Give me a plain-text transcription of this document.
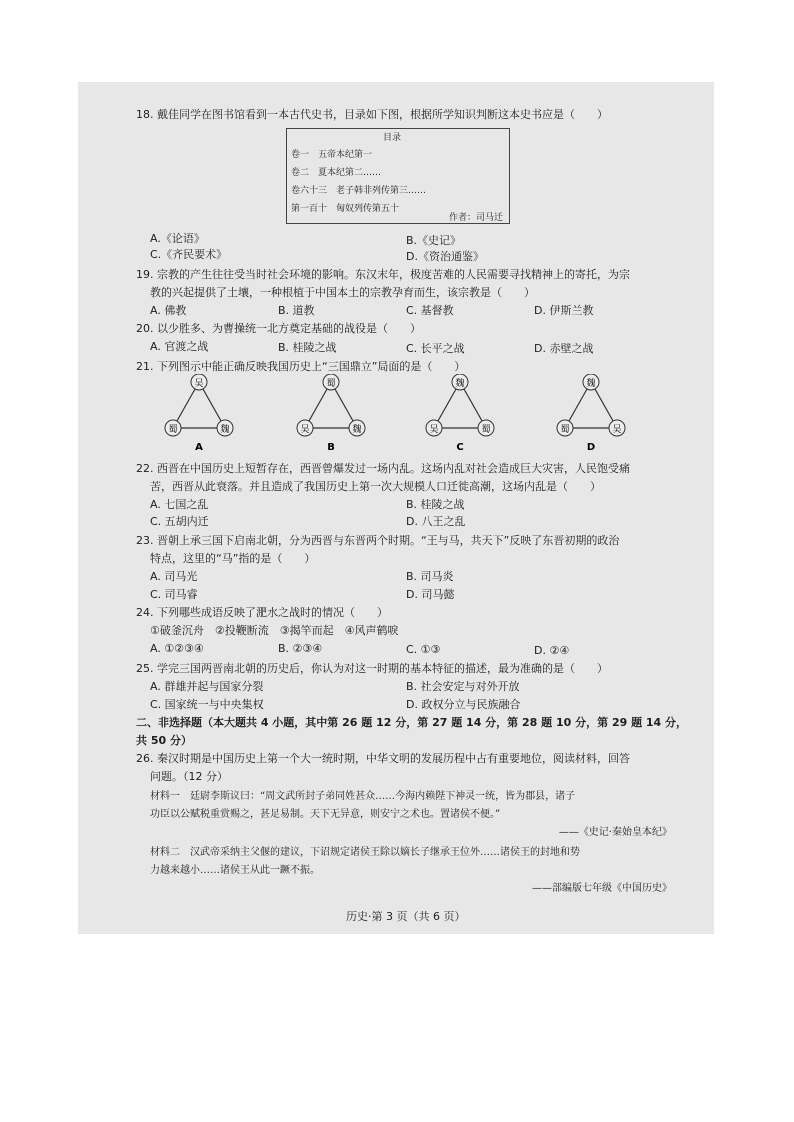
18. 戴佳同学在图书馆看到一本古代史书，目录如下图，根据所学知识判断这本史书应是（　　）
目录
卷一　五帝本纪第一
卷二　夏本纪第二……
卷六十三　老子韩非列传第三……
第一百十　匈奴列传第五十
作者：司马迁
A.《论语》	B.《史记》
C.《齐民要术》	D.《资治通鉴》
19. 宗教的产生往往受当时社会环境的影响。东汉末年，极度苦难的人民需要寻找精神上的寄托，为宗
教的兴起提供了土壤，一种根植于中国本土的宗教孕育而生，该宗教是（　　）
A. 佛教	B. 道教	C. 基督教	D. 伊斯兰教
20. 以少胜多、为曹操统一北方奠定基础的战役是（　　）
A. 官渡之战	B. 桂陵之战	C. 长平之战	D. 赤壁之战
21. 下列图示中能正确反映我国历史上“三国鼎立”局面的是（　　）
吴
蜀	魏
A
蜀
吴	魏
B
魏
吴	蜀
C
魏
蜀	吴
D
22. 西晋在中国历史上短暂存在，西晋曾爆发过一场内乱。这场内乱对社会造成巨大灾害，人民饱受痛
苦，西晋从此衰落。并且造成了我国历史上第一次大规模人口迁徙高潮，这场内乱是（　　）
A. 七国之乱	B. 桂陵之战
C. 五胡内迁	D. 八王之乱
23. 晋朝上承三国下启南北朝，分为西晋与东晋两个时期。“王与马，共天下”反映了东晋初期的政治
特点，这里的“马”指的是（　　）
A. 司马光	B. 司马炎
C. 司马睿	D. 司马懿
24. 下列哪些成语反映了淝水之战时的情况（　　）
①破釜沉舟　②投鞭断流　③揭竿而起　④风声鹤唳
A. ①②③④	B. ②③④	C. ①③	D. ②④
25. 学完三国两晋南北朝的历史后，你认为对这一时期的基本特征的描述，最为准确的是（　　）
A. 群雄并起与国家分裂	B. 社会安定与对外开放
C. 国家统一与中央集权	D. 政权分立与民族融合
二、非选择题（本大题共 4 小题，其中第 26 题 12 分，第 27 题 14 分，第 28 题 10 分，第 29 题 14 分，
共 50 分）
26. 秦汉时期是中国历史上第一个大一统时期，中华文明的发展历程中占有重要地位，阅读材料，回答
问题。（12 分）
材料一　廷尉李斯议曰：“周文武所封子弟同姓甚众……今海内赖陛下神灵一统，皆为郡县，诸子
功臣以公赋税重赏赐之，甚足易制。天下无异意，则安宁之术也。置诸侯不便。”
——《史记·秦始皇本纪》
材料二　汉武帝采纳主父偃的建议，下诏规定诸侯王除以嫡长子继承王位外……诸侯王的封地和势
力越来越小……诸侯王从此一蹶不振。
——部编版七年级《中国历史》
历史·第 3 页（共 6 页）
